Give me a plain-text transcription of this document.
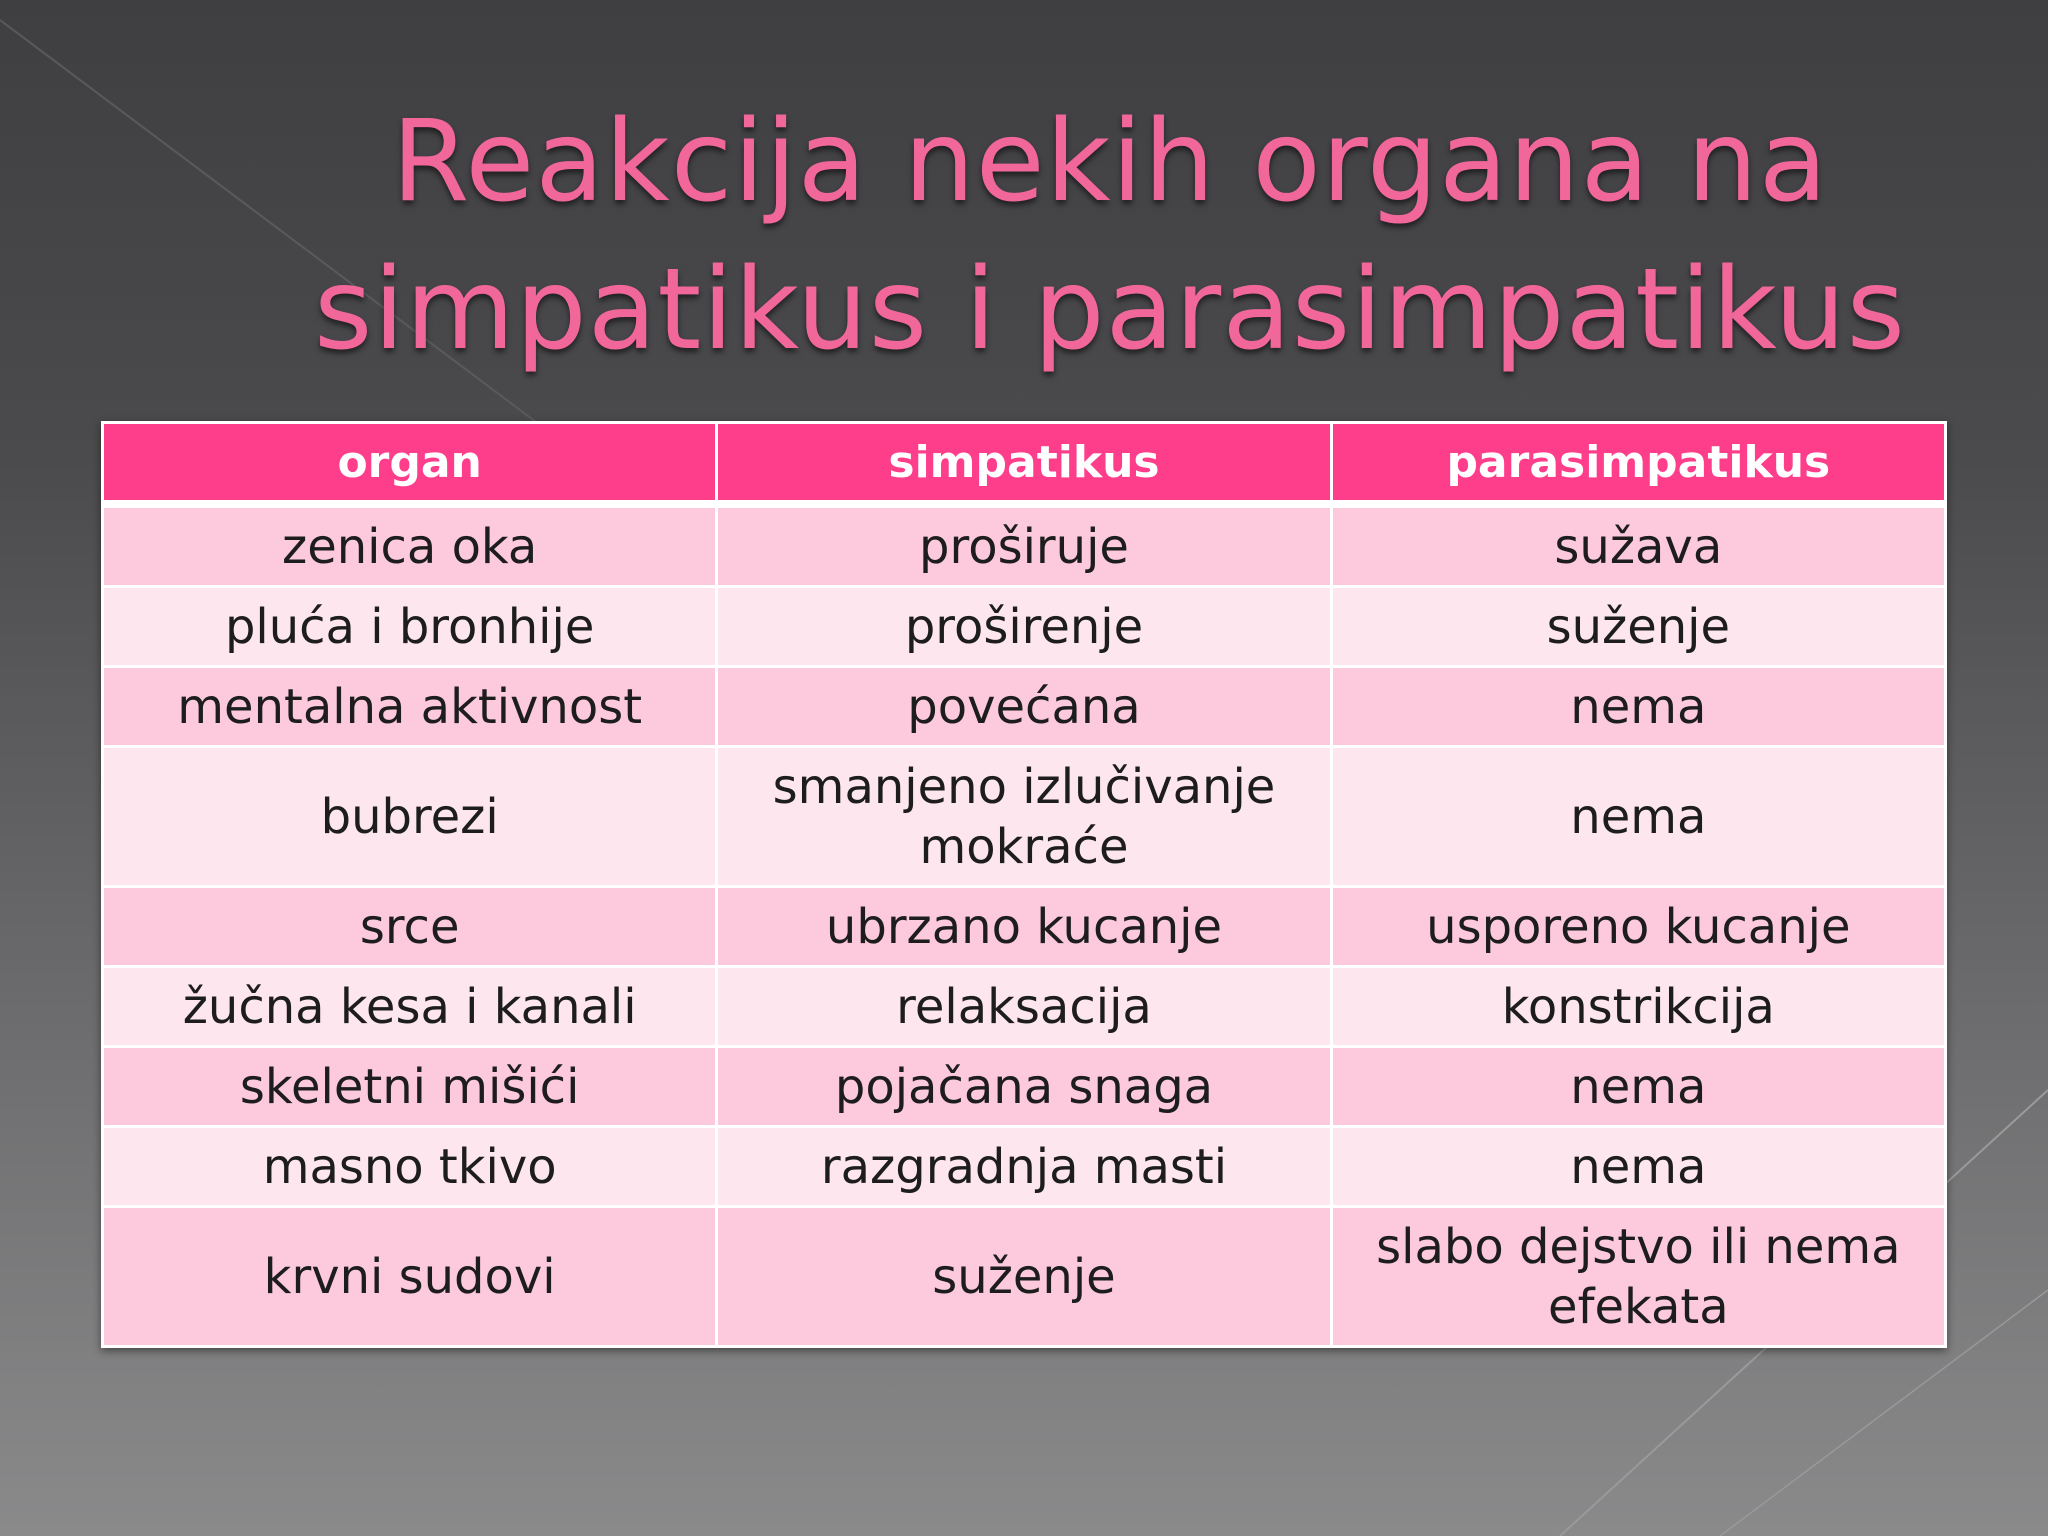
Reakcija nekih organa na
simpatikus i parasimpatikus
organ	simpatikus	parasimpatikus
zenica oka	proširuje	sužava
pluća i bronhije	proširenje	suženje
mentalna aktivnost	povećana	nema
bubrezi	smanjeno izlučivanje mokraće	nema
srce	ubrzano kucanje	usporeno kucanje
žučna kesa i kanali	relaksacija	konstrikcija
skeletni mišići	pojačana snaga	nema
masno tkivo	razgradnja masti	nema
krvni sudovi	suženje	slabo dejstvo ili nema efekata
